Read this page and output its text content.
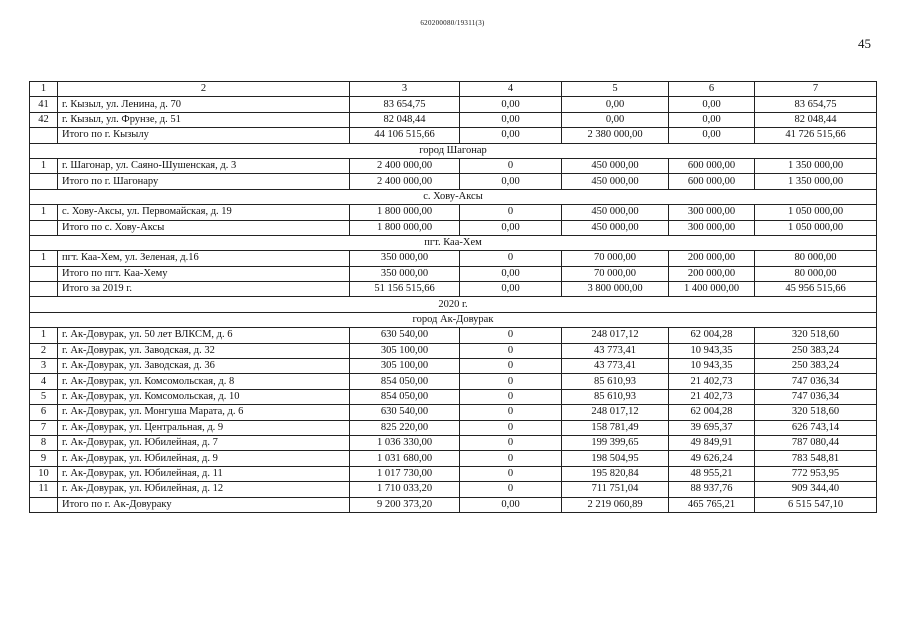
620200080/19311(3)
45
1	2	3	4	5	6	7
41	г. Кызыл, ул. Ленина, д. 70	83 654,75	0,00	0,00	0,00	83 654,75
42	г. Кызыл, ул. Фрунзе, д. 51	82 048,44	0,00	0,00	0,00	82 048,44
	Итого по г. Кызылу	44 106 515,66	0,00	2 380 000,00	0,00	41 726 515,66
город Шагонар						
1	г. Шагонар, ул. Саяно-Шушенская, д. 3	2 400 000,00	0	450 000,00	600 000,00	1 350 000,00
	Итого по г. Шагонару	2 400 000,00	0,00	450 000,00	600 000,00	1 350 000,00
с. Хову-Аксы						
1	с. Хову-Аксы, ул. Первомайская, д. 19	1 800 000,00	0	450 000,00	300 000,00	1 050 000,00
	Итого по с. Хову-Аксы	1 800 000,00	0,00	450 000,00	300 000,00	1 050 000,00
пгт. Каа-Хем						
1	пгт. Каа-Хем, ул. Зеленая, д.16	350 000,00	0	70 000,00	200 000,00	80 000,00
	Итого по пгт. Каа-Хему	350 000,00	0,00	70 000,00	200 000,00	80 000,00
	Итого за 2019 г.	51 156 515,66	0,00	3 800 000,00	1 400 000,00	45 956 515,66
2020 г.						
город Ак-Довурак						
1	г. Ак-Довурак, ул. 50 лет ВЛКСМ, д. 6	630 540,00	0	248 017,12	62 004,28	320 518,60
2	г. Ак-Довурак, ул. Заводская, д. 32	305 100,00	0	43 773,41	10 943,35	250 383,24
3	г. Ак-Довурак, ул. Заводская, д. 36	305 100,00	0	43 773,41	10 943,35	250 383,24
4	г. Ак-Довурак, ул. Комсомольская, д. 8	854 050,00	0	85 610,93	21 402,73	747 036,34
5	г. Ак-Довурак, ул. Комсомольская, д. 10	854 050,00	0	85 610,93	21 402,73	747 036,34
6	г. Ак-Довурак, ул. Монгуша Марата, д. 6	630 540,00	0	248 017,12	62 004,28	320 518,60
7	г. Ак-Довурак, ул. Центральная, д. 9	825 220,00	0	158 781,49	39 695,37	626 743,14
8	г. Ак-Довурак, ул. Юбилейная, д. 7	1 036 330,00	0	199 399,65	49 849,91	787 080,44
9	г. Ак-Довурак, ул. Юбилейная, д. 9	1 031 680,00	0	198 504,95	49 626,24	783 548,81
10	г. Ак-Довурак, ул. Юбилейная, д. 11	1 017 730,00	0	195 820,84	48 955,21	772 953,95
11	г. Ак-Довурак, ул. Юбилейная, д. 12	1 710 033,20	0	711 751,04	88 937,76	909 344,40
	Итого по г. Ак-Довураку	9 200 373,20	0,00	2 219 060,89	465 765,21	6 515 547,10
